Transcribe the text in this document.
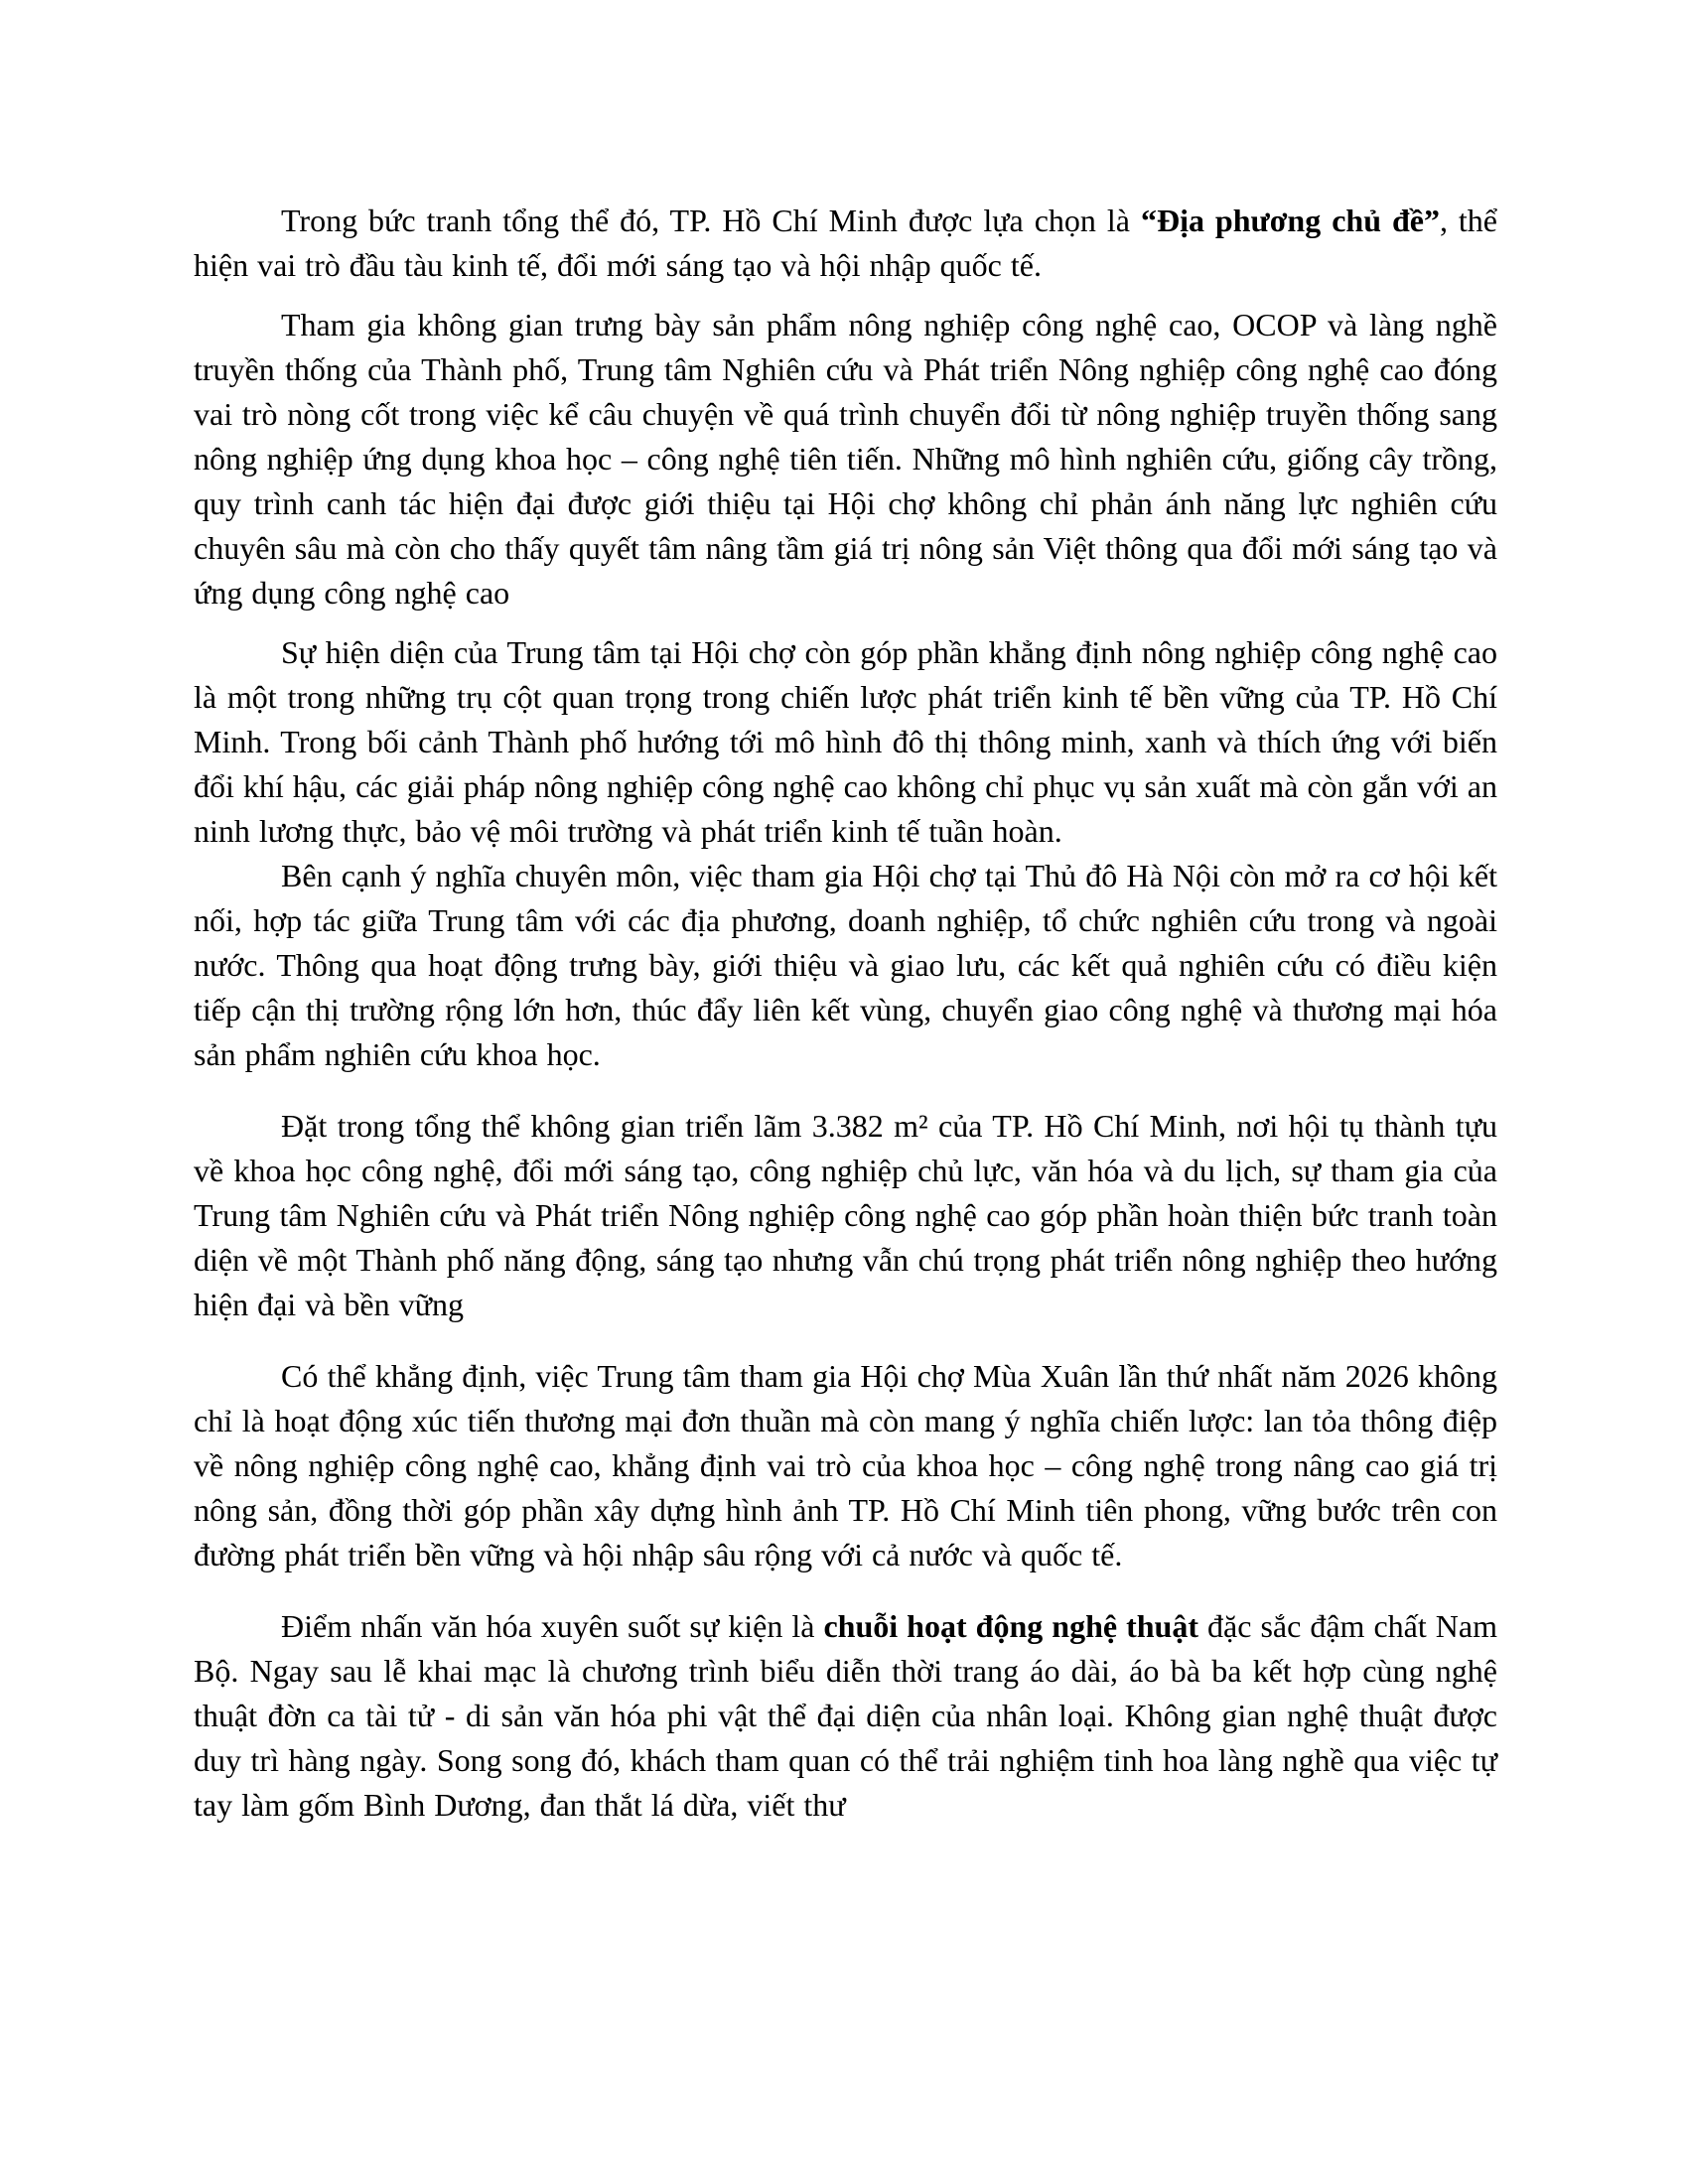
Trong bức tranh tổng thể đó, TP. Hồ Chí Minh được lựa chọn là “Địa phương chủ đề”, thể hiện vai trò đầu tàu kinh tế, đổi mới sáng tạo và hội nhập quốc tế.

Tham gia không gian trưng bày sản phẩm nông nghiệp công nghệ cao, OCOP và làng nghề truyền thống của Thành phố, Trung tâm Nghiên cứu và Phát triển Nông nghiệp công nghệ cao đóng vai trò nòng cốt trong việc kể câu chuyện về quá trình chuyển đổi từ nông nghiệp truyền thống sang nông nghiệp ứng dụng khoa học – công nghệ tiên tiến. Những mô hình nghiên cứu, giống cây trồng, quy trình canh tác hiện đại được giới thiệu tại Hội chợ không chỉ phản ánh năng lực nghiên cứu chuyên sâu mà còn cho thấy quyết tâm nâng tầm giá trị nông sản Việt thông qua đổi mới sáng tạo và ứng dụng công nghệ cao

Sự hiện diện của Trung tâm tại Hội chợ còn góp phần khẳng định nông nghiệp công nghệ cao là một trong những trụ cột quan trọng trong chiến lược phát triển kinh tế bền vững của TP. Hồ Chí Minh. Trong bối cảnh Thành phố hướng tới mô hình đô thị thông minh, xanh và thích ứng với biến đổi khí hậu, các giải pháp nông nghiệp công nghệ cao không chỉ phục vụ sản xuất mà còn gắn với an ninh lương thực, bảo vệ môi trường và phát triển kinh tế tuần hoàn.

Bên cạnh ý nghĩa chuyên môn, việc tham gia Hội chợ tại Thủ đô Hà Nội còn mở ra cơ hội kết nối, hợp tác giữa Trung tâm với các địa phương, doanh nghiệp, tổ chức nghiên cứu trong và ngoài nước. Thông qua hoạt động trưng bày, giới thiệu và giao lưu, các kết quả nghiên cứu có điều kiện tiếp cận thị trường rộng lớn hơn, thúc đẩy liên kết vùng, chuyển giao công nghệ và thương mại hóa sản phẩm nghiên cứu khoa học.

Đặt trong tổng thể không gian triển lãm 3.382 m² của TP. Hồ Chí Minh, nơi hội tụ thành tựu về khoa học công nghệ, đổi mới sáng tạo, công nghiệp chủ lực, văn hóa và du lịch, sự tham gia của Trung tâm Nghiên cứu và Phát triển Nông nghiệp công nghệ cao góp phần hoàn thiện bức tranh toàn diện về một Thành phố năng động, sáng tạo nhưng vẫn chú trọng phát triển nông nghiệp theo hướng hiện đại và bền vững

Có thể khẳng định, việc Trung tâm tham gia Hội chợ Mùa Xuân lần thứ nhất năm 2026 không chỉ là hoạt động xúc tiến thương mại đơn thuần mà còn mang ý nghĩa chiến lược: lan tỏa thông điệp về nông nghiệp công nghệ cao, khẳng định vai trò của khoa học – công nghệ trong nâng cao giá trị nông sản, đồng thời góp phần xây dựng hình ảnh TP. Hồ Chí Minh tiên phong, vững bước trên con đường phát triển bền vững và hội nhập sâu rộng với cả nước và quốc tế.

Điểm nhấn văn hóa xuyên suốt sự kiện là chuỗi hoạt động nghệ thuật đặc sắc đậm chất Nam Bộ. Ngay sau lễ khai mạc là chương trình biểu diễn thời trang áo dài, áo bà ba kết hợp cùng nghệ thuật đờn ca tài tử - di sản văn hóa phi vật thể đại diện của nhân loại. Không gian nghệ thuật được duy trì hàng ngày. Song song đó, khách tham quan có thể trải nghiệm tinh hoa làng nghề qua việc tự tay làm gốm Bình Dương, đan thắt lá dừa, viết thư
